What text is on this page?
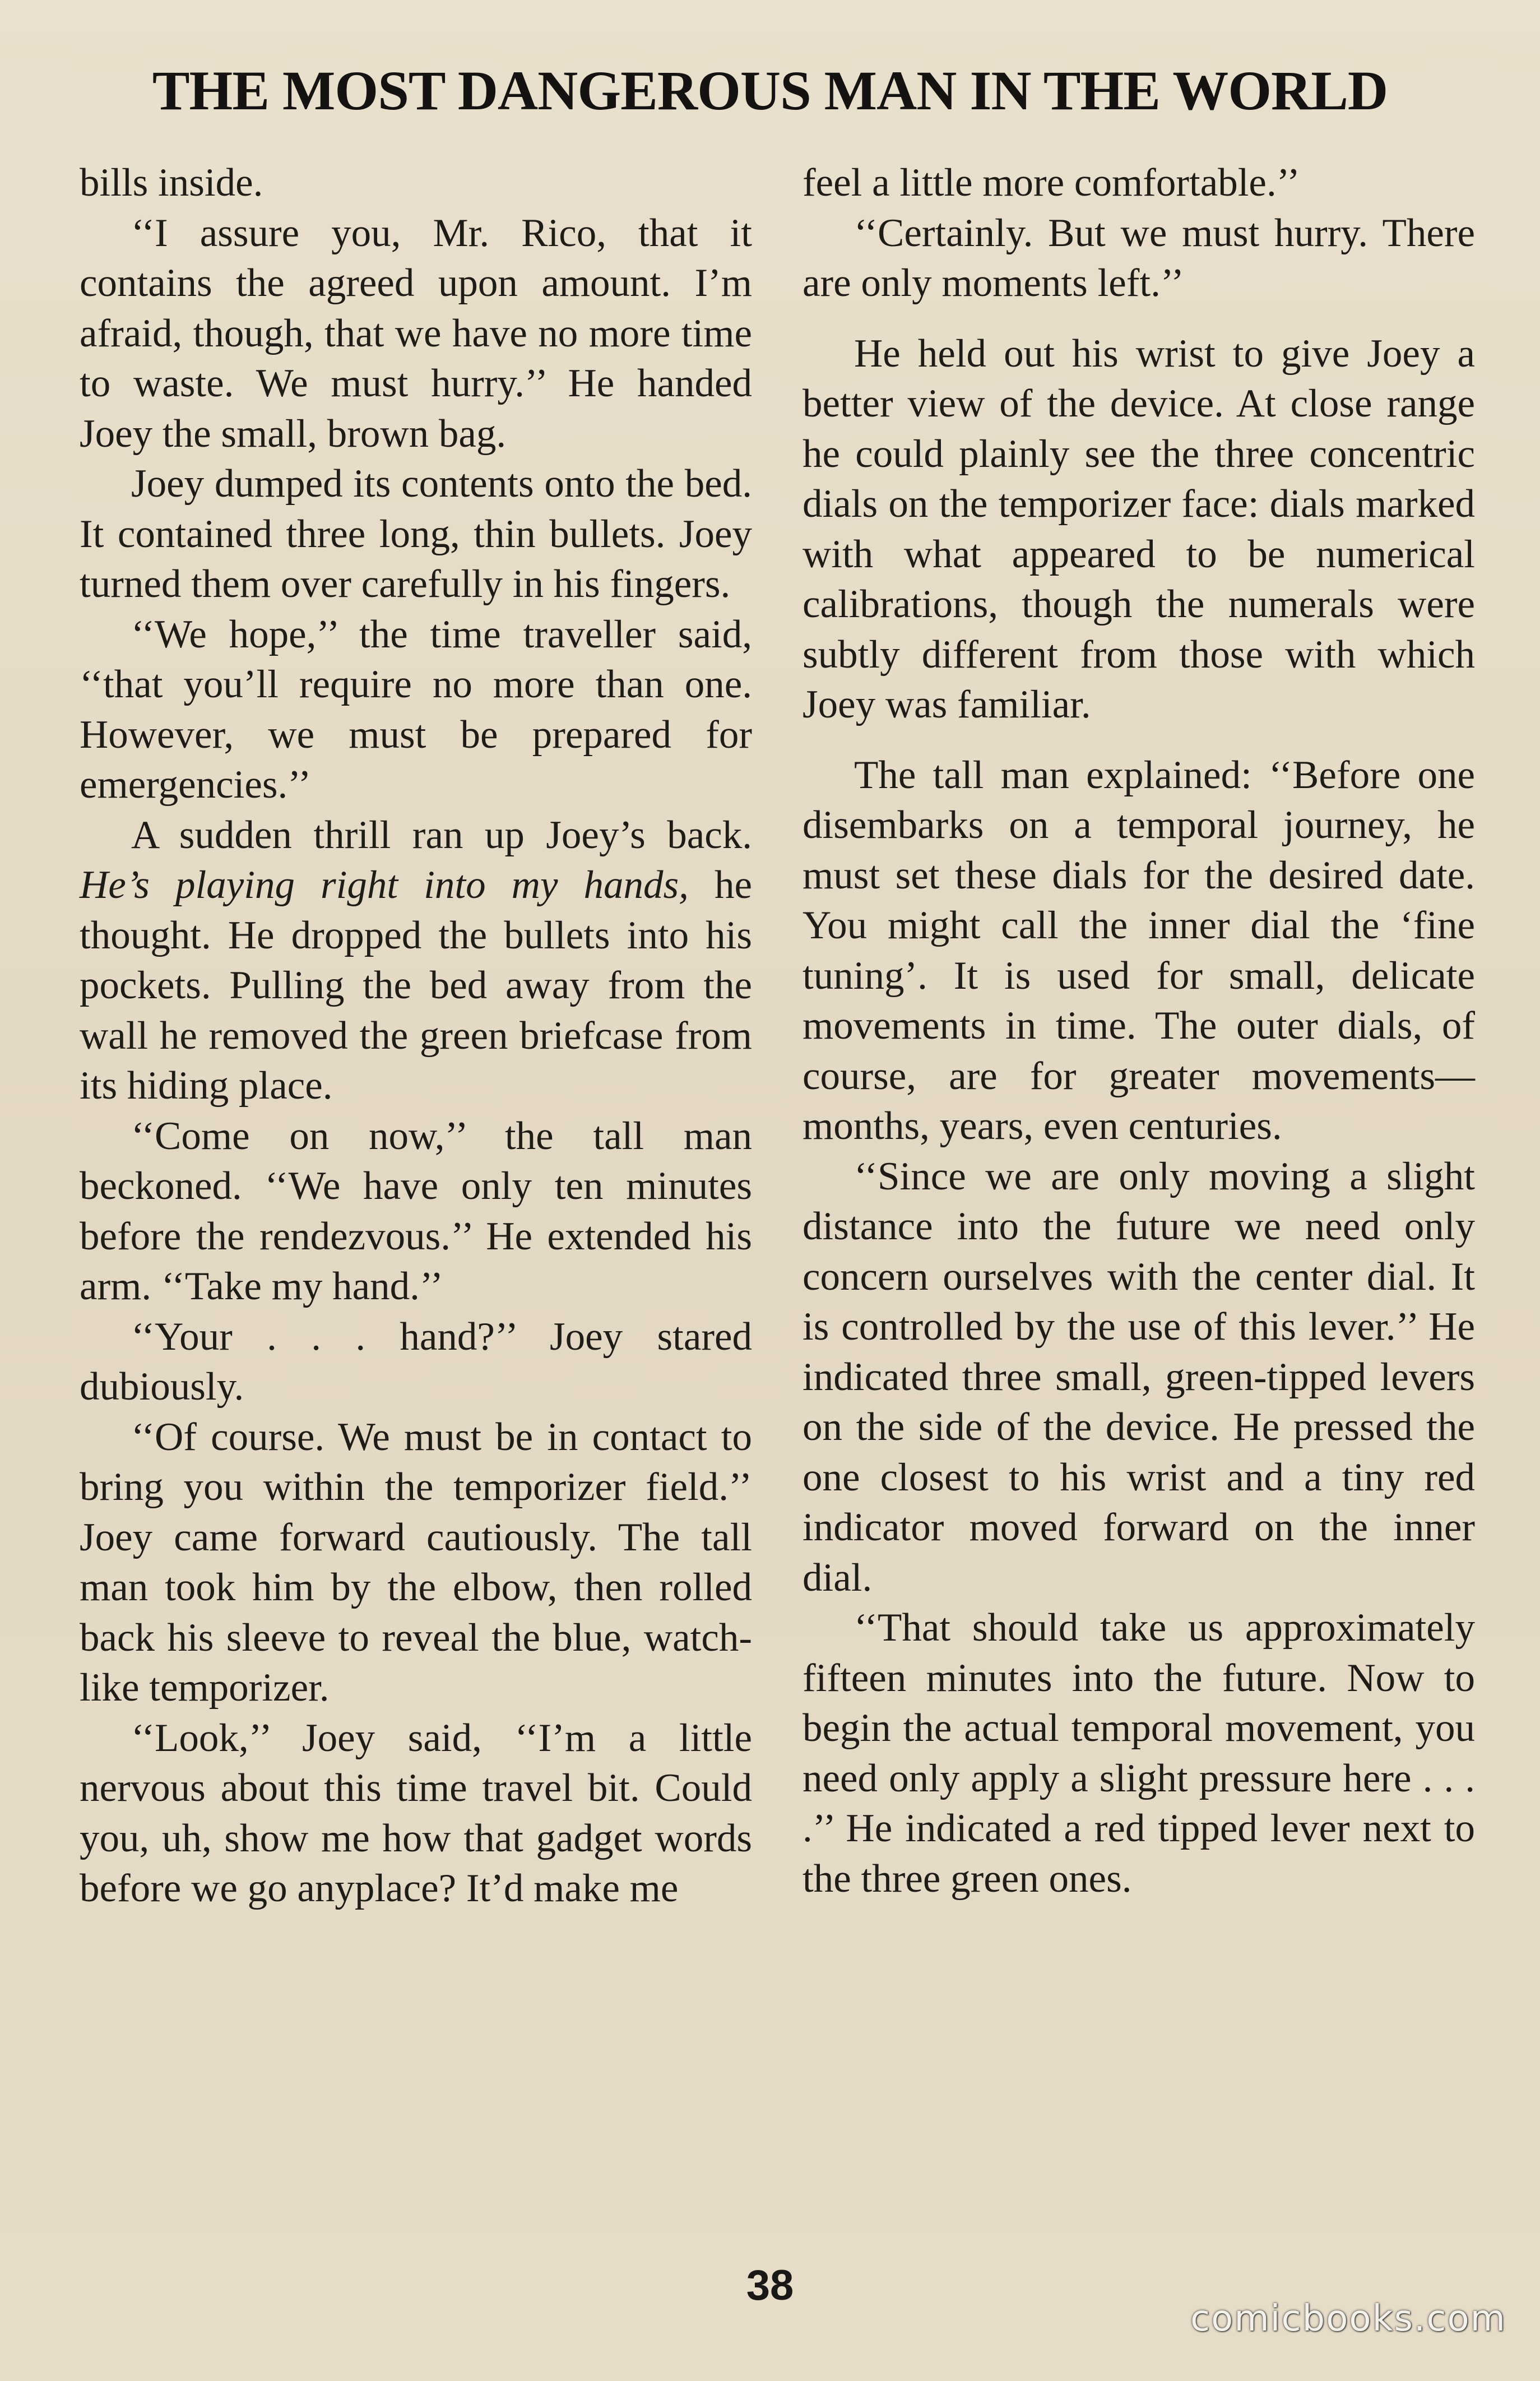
THE MOST DANGEROUS MAN IN THE WORLD

bills inside.

‘‘I assure you, Mr. Rico, that it contains the agreed upon amount. I’m afraid, though, that we have no more time to waste. We must hurry.’’ He handed Joey the small, brown bag.

Joey dumped its contents onto the bed. It contained three long, thin bullets. Joey turned them over carefully in his fingers.

‘‘We hope,’’ the time traveller said, ‘‘that you’ll require no more than one. However, we must be prepared for emergencies.’’

A sudden thrill ran up Joey’s back. He’s playing right into my hands, he thought. He dropped the bullets into his pockets. Pulling the bed away from the wall he removed the green briefcase from its hiding place.

‘‘Come on now,’’ the tall man beckoned. ‘‘We have only ten minutes before the rendezvous.’’ He extended his arm. ‘‘Take my hand.’’

‘‘Your . . . hand?’’ Joey stared dubiously.

‘‘Of course. We must be in contact to bring you within the temporizer field.’’ Joey came forward cautiously. The tall man took him by the elbow, then rolled back his sleeve to reveal the blue, watch-like temporizer.

‘‘Look,’’ Joey said, ‘‘I’m a little nervous about this time travel bit. Could you, uh, show me how that gadget words before we go anyplace? It’d make me

feel a little more comfortable.’’

‘‘Certainly. But we must hurry. There are only moments left.’’

He held out his wrist to give Joey a better view of the device. At close range he could plainly see the three concentric dials on the temporizer face: dials marked with what appeared to be numerical calibrations, though the numerals were subtly different from those with which Joey was familiar.

The tall man explained: ‘‘Before one disembarks on a temporal journey, he must set these dials for the desired date. You might call the inner dial the ‘fine tuning’. It is used for small, delicate movements in time. The outer dials, of course, are for greater movements—months, years, even centuries.

‘‘Since we are only moving a slight distance into the future we need only concern ourselves with the center dial. It is controlled by the use of this lever.’’ He indicated three small, green-tipped levers on the side of the device. He pressed the one closest to his wrist and a tiny red indicator moved forward on the inner dial.

‘‘That should take us approximately fifteen minutes into the future. Now to begin the actual temporal movement, you need only apply a slight pressure here . . . .’’ He indicated a red tipped lever next to the three green ones.

38
comicbooks.com
